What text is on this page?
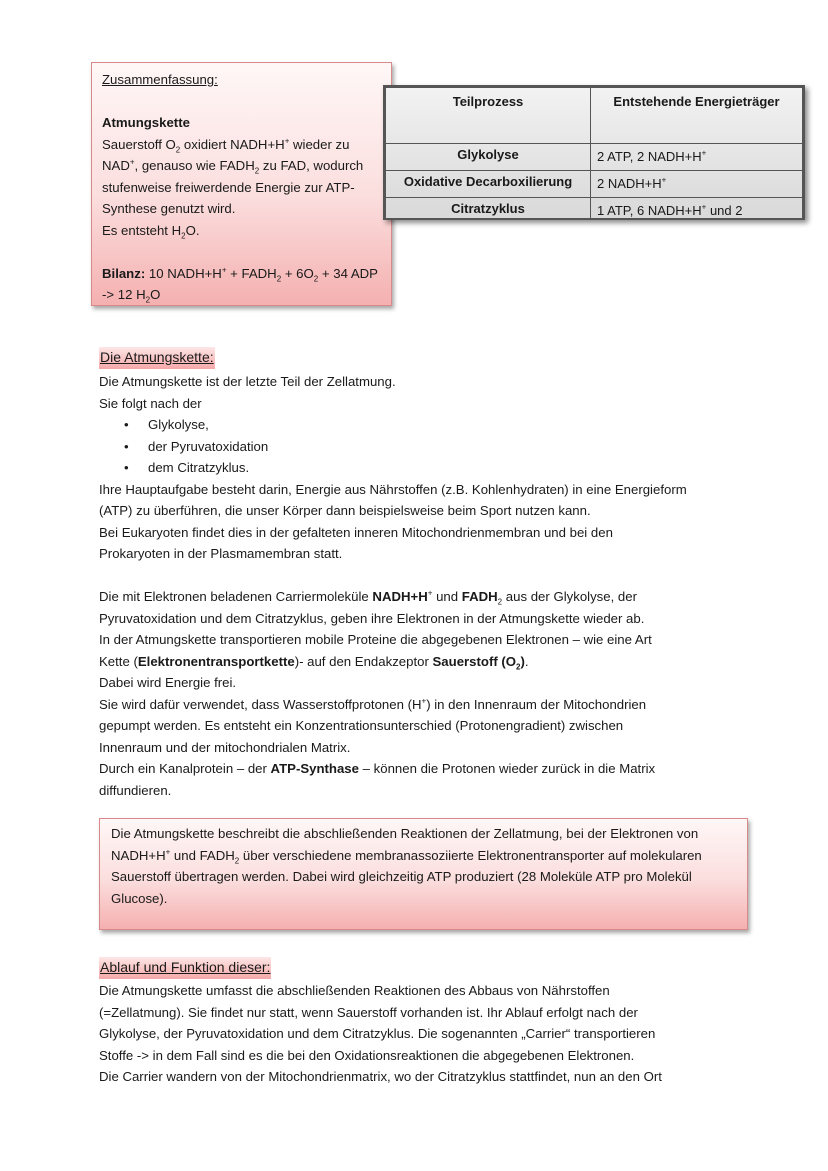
Zusammenfassung:
Atmungskette
Sauerstoff $O_2$ oxidiert NADH+H+ wieder zu
NAD+, genauso wie $FADH_2$ zu FAD, wodurch
stufenweise freiwerdende Energie zur ATP-
Synthese genutzt wird.
Es entsteht $H_2O$.
Bilanz: 10 NADH+H+ + $FADH_2 + 6O_2 + 34$ ADP
-> 12 $H_2O$
Teilprozess	Entstehende Energieträger
Glykolyse	2 ATP, 2 NADH+H+
Oxidative Decarboxilierung	2 NADH+H+
Citratzyklus	1 ATP, 6 NADH+H+ und 2
Die Atmungskette:

Die Atmungskette ist der letzte Teil der Zellatmung.

Sie folgt nach der

• Glykolyse,
• der Pyruvatoxidation
• dem Citratzyklus.

Ihre Hauptaufgabe besteht darin, Energie aus Nährstoffen (z.B. Kohlenhydraten) in eine Energieform

(ATP) zu überführen, die unser Körper dann beispielsweise beim Sport nutzen kann.

Bei Eukaryoten findet dies in der gefalteten inneren Mitochondrienmembran und bei den

Prokaryoten in der Plasmamembran statt.

Die mit Elektronen beladenen Carriermoleküle NADH+H+ und $FADH_2$ aus der Glykolyse, der

Pyruvatoxidation und dem Citratzyklus, geben ihre Elektronen in der Atmungskette wieder ab.

In der Atmungskette transportieren mobile Proteine die abgegebenen Elektronen – wie eine Art

Kette (Elektronentransportkette)- auf den Endakzeptor Sauerstoff $(O_2)$.

Dabei wird Energie frei.

Sie wird dafür verwendet, dass Wasserstoffprotonen (H+) in den Innenraum der Mitochondrien

gepumpt werden. Es entsteht ein Konzentrationsunterschied (Protonengradient) zwischen

Innenraum und der mitochondrialen Matrix.

Durch ein Kanalprotein – der ATP-Synthase – können die Protonen wieder zurück in die Matrix

diffundieren.

Die Atmungskette beschreibt die abschließenden Reaktionen der Zellatmung, bei der Elektronen von
NADH+H+ und $FADH_2$ über verschiedene membranassoziierte Elektronentransporter auf molekularen
Sauerstoff übertragen werden. Dabei wird gleichzeitig ATP produziert (28 Moleküle ATP pro Molekül
Glucose).
Ablauf und Funktion dieser:

Die Atmungskette umfasst die abschließenden Reaktionen des Abbaus von Nährstoffen

(=Zellatmung). Sie findet nur statt, wenn Sauerstoff vorhanden ist. Ihr Ablauf erfolgt nach der

Glykolyse, der Pyruvatoxidation und dem Citratzyklus. Die sogenannten „Carrier“ transportieren

Stoffe -> in dem Fall sind es die bei den Oxidationsreaktionen die abgegebenen Elektronen.

Die Carrier wandern von der Mitochondrienmatrix, wo der Citratzyklus stattfindet, nun an den Ort
